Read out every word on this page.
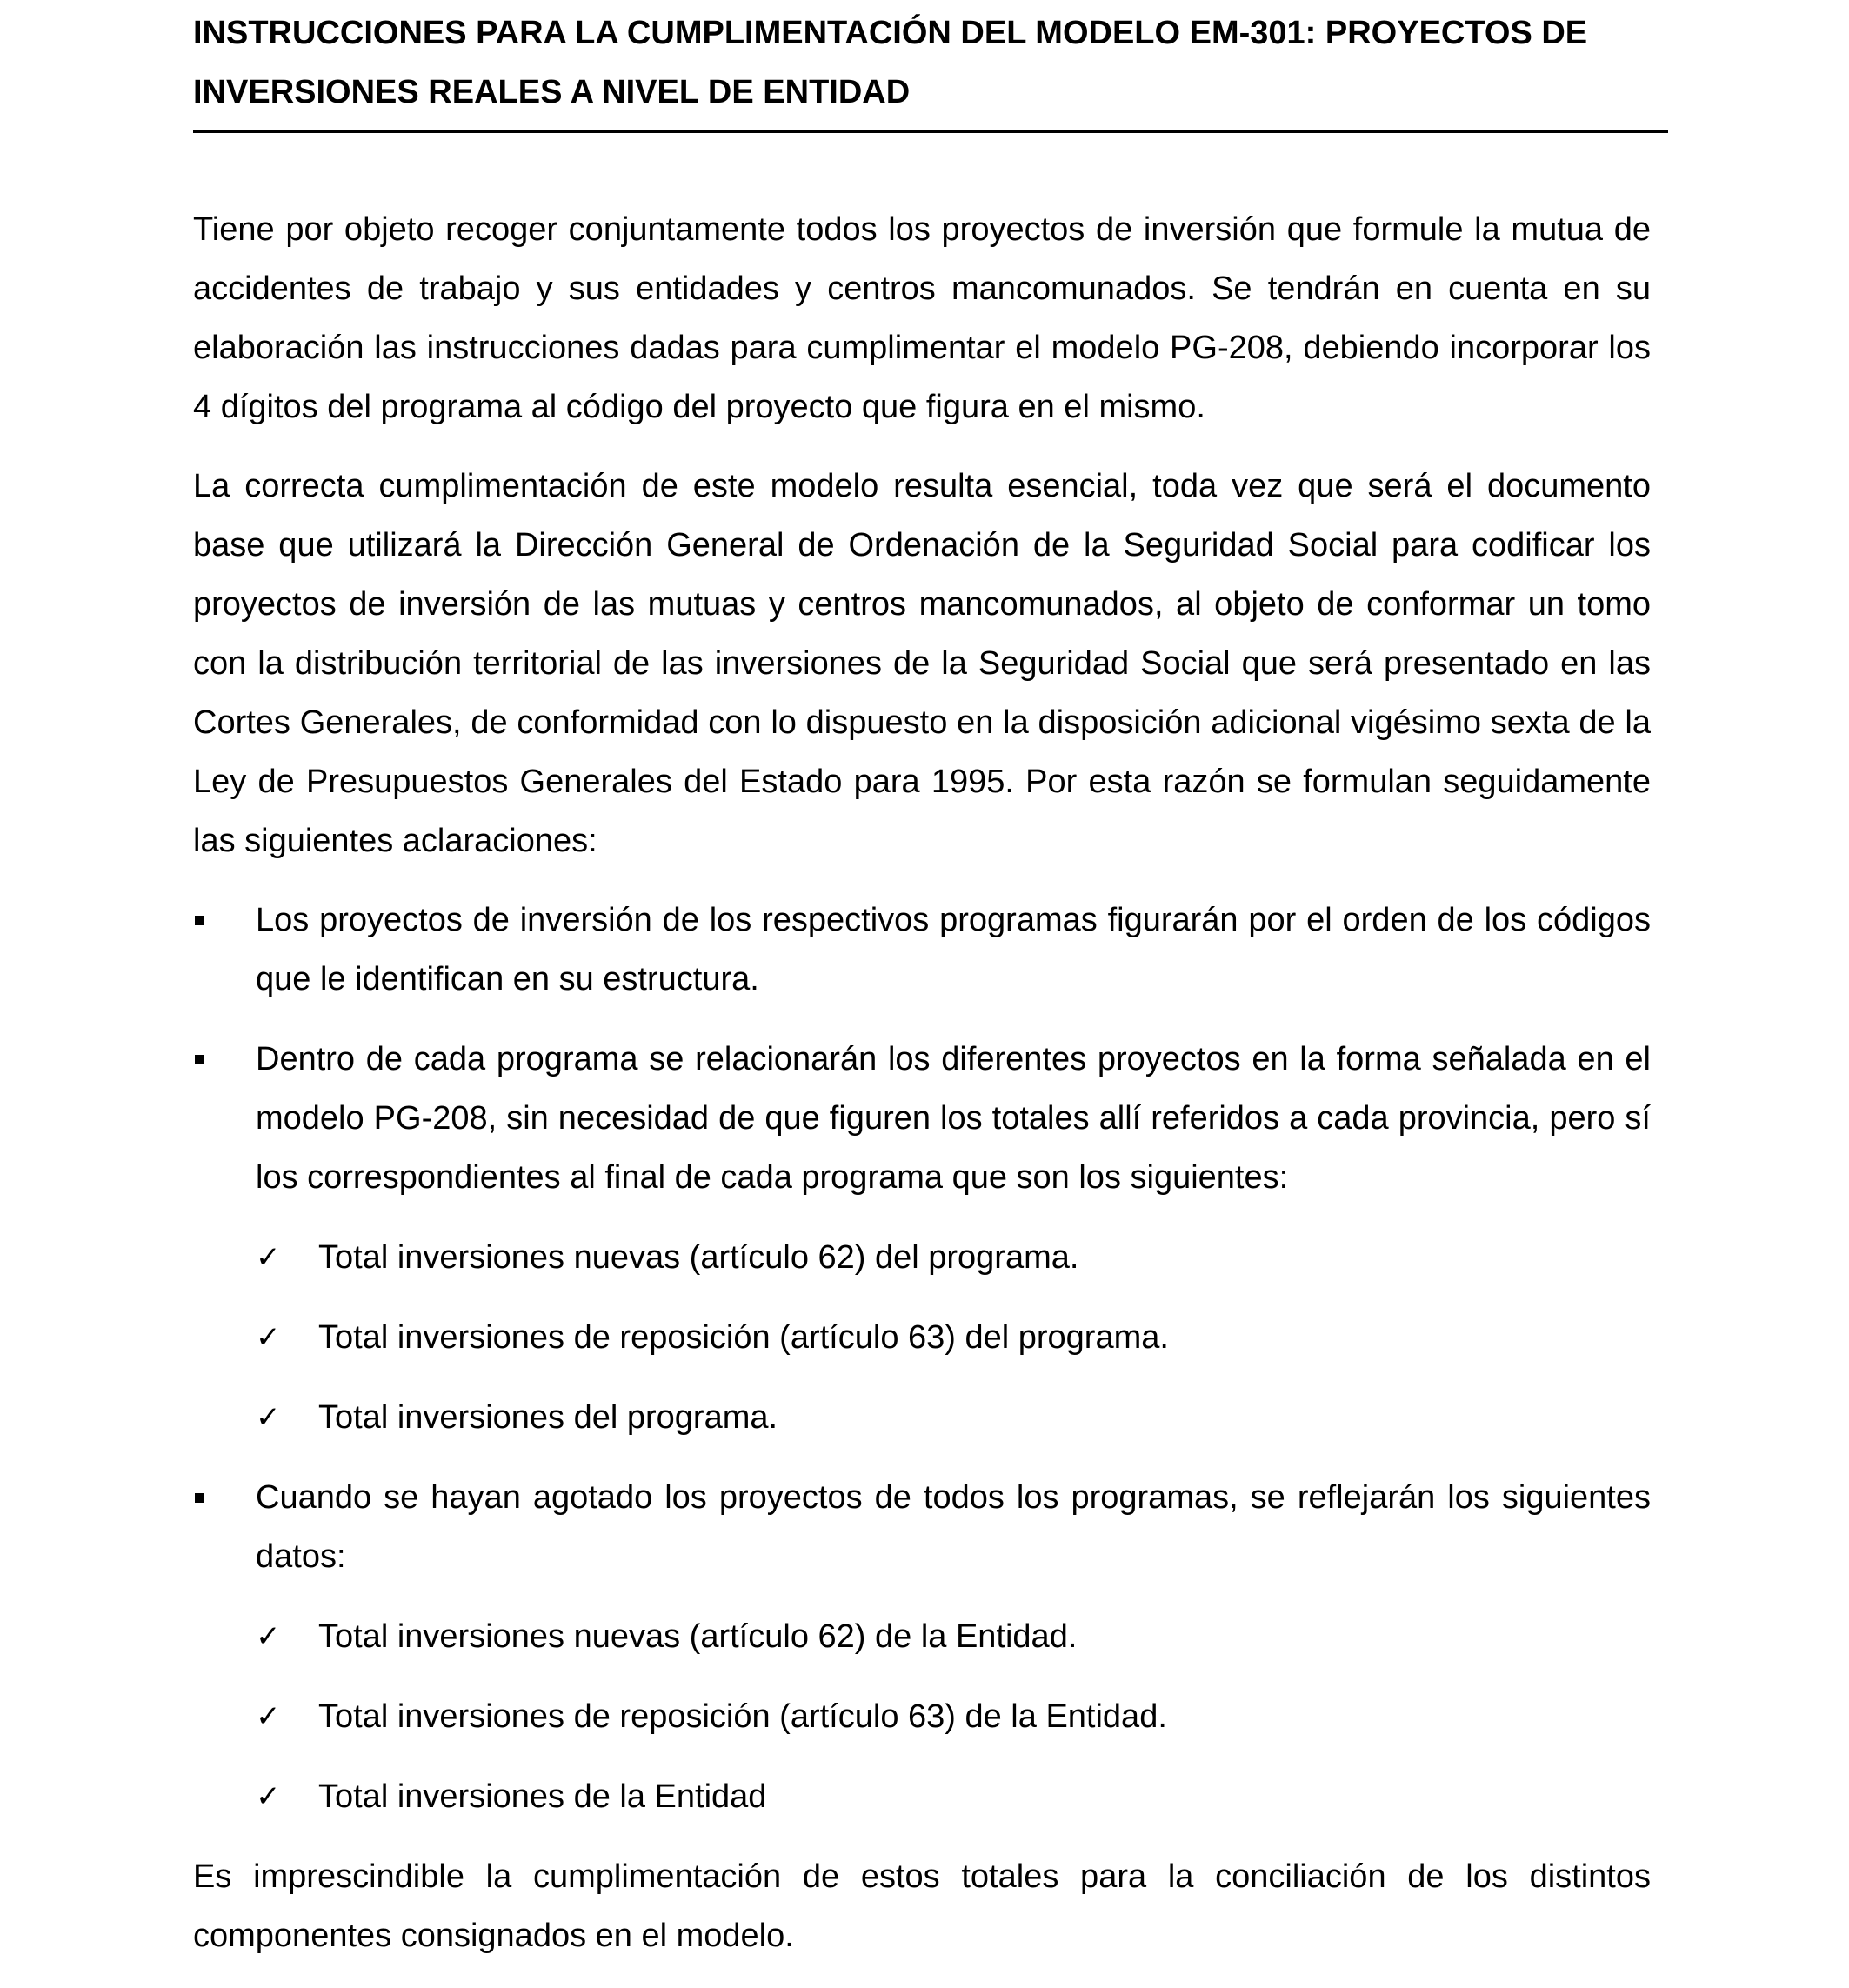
INSTRUCCIONES PARA LA CUMPLIMENTACIÓN DEL MODELO EM-301: PROYECTOS DE INVERSIONES REALES A NIVEL DE ENTIDAD

Tiene por objeto recoger conjuntamente todos los proyectos de inversión que formule la mutua de accidentes de trabajo y sus entidades y centros mancomunados. Se tendrán en cuenta en su elaboración las instrucciones dadas para cumplimentar el modelo PG-208, debiendo incorporar los 4 dígitos del programa al código del proyecto que figura en el mismo.

La correcta cumplimentación de este modelo resulta esencial, toda vez que será el documento base que utilizará la Dirección General de Ordenación de la Seguridad Social para codificar los proyectos de inversión de las mutuas y centros mancomunados, al objeto de conformar un tomo con la distribución territorial de las inversiones de la Seguridad Social que será presentado en las Cortes Generales, de conformidad con lo dispuesto en la disposición adicional vigésimo sexta de la Ley de Presupuestos Generales del Estado para 1995. Por esta razón se formulan seguidamente las siguientes aclaraciones:

Los proyectos de inversión de los respectivos programas figurarán por el orden de los códigos que le identifican en su estructura.
Dentro de cada programa se relacionarán los diferentes proyectos en la forma señalada en el modelo PG-208, sin necesidad de que figuren los totales allí referidos a cada provincia, pero sí los correspondientes al final de cada programa que son los siguientes:
✓	Total inversiones nuevas (artículo 62) del programa.
✓	Total inversiones de reposición (artículo 63) del programa.
✓	Total inversiones del programa.
Cuando se hayan agotado los proyectos de todos los programas, se reflejarán los siguientes datos:
✓	Total inversiones nuevas (artículo 62) de la Entidad.
✓	Total inversiones de reposición (artículo 63) de la Entidad.
✓	Total inversiones de la Entidad

Es imprescindible la cumplimentación de estos totales para la conciliación de los distintos componentes consignados en el modelo.
